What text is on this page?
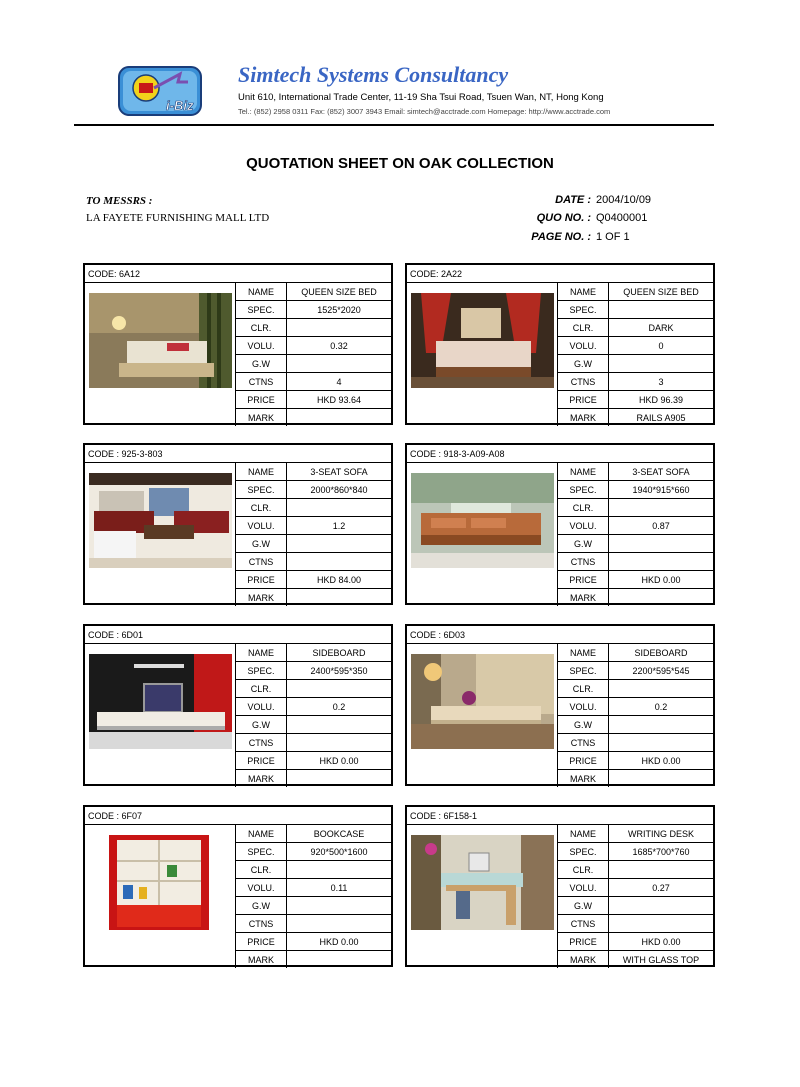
i-Biz
Simtech Systems Consultancy
Unit 610, International Trade Center, 11-19 Sha Tsui Road, Tsuen Wan, NT, Hong Kong
Tel.: (852) 2958 0311 Fax: (852) 3007 3943 Email: simtech@acctrade.com Homepage: http://www.acctrade.com
QUOTATION SHEET ON OAK COLLECTION
TO MESSRS :
LA FAYETE FURNISHING MALL LTD
DATE : 2004/10/09
QUO NO. : Q0400001
PAGE NO. : 1 OF 1
CODE: 6A12
NAME	QUEEN SIZE BED
SPEC.	1525*2020
CLR.	
VOLU.	0.32
G.W	
CTNS	4
PRICE	HKD 93.64
MARK	
CODE: 2A22
NAME	QUEEN SIZE BED
SPEC.	
CLR.	DARK
VOLU.	0
G.W	
CTNS	3
PRICE	HKD 96.39
MARK	RAILS A905
CODE : 925-3-803
NAME	3-SEAT SOFA
SPEC.	2000*860*840
CLR.	
VOLU.	1.2
G.W	
CTNS	
PRICE	HKD 84.00
MARK	
CODE : 918-3-A09-A08
NAME	3-SEAT SOFA
SPEC.	1940*915*660
CLR.	
VOLU.	0.87
G.W	
CTNS	
PRICE	HKD 0.00
MARK	
CODE : 6D01
NAME	SIDEBOARD
SPEC.	2400*595*350
CLR.	
VOLU.	0.2
G.W	
CTNS	
PRICE	HKD 0.00
MARK	
CODE : 6D03
NAME	SIDEBOARD
SPEC.	2200*595*545
CLR.	
VOLU.	0.2
G.W	
CTNS	
PRICE	HKD 0.00
MARK	
CODE : 6F07
NAME	BOOKCASE
SPEC.	920*500*1600
CLR.	
VOLU.	0.11
G.W	
CTNS	
PRICE	HKD 0.00
MARK	
CODE : 6F158-1
NAME	WRITING DESK
SPEC.	1685*700*760
CLR.	
VOLU.	0.27
G.W	
CTNS	
PRICE	HKD 0.00
MARK	WITH GLASS TOP
